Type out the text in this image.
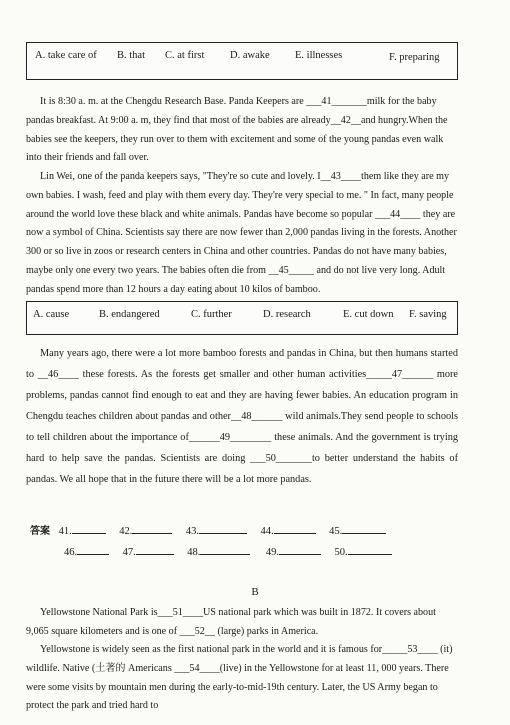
A. take care of B. that C. at first D. awake E. illnesses	F. preparing

It is 8:30 a. m. at the Chengdu Research Base. Panda Keepers are ___41_______milk for the baby pandas breakfast. At 9:00 a. m, they find that most of the babies are already__42__and hungry.When the babies see the keepers, they run over to them with excitement and some of the young pandas even walk into their friends and fall over.

Lin Wei, one of the panda keepers says, "They're so cute and lovely. I__43____them like they are my own babies. I wash, feed and play with them every day. They're very special to me. " In fact, many people around the world love these black and white animals. Pandas have become so popular ___44____ they are now a symbol of China. Scientists say there are now fewer than 2,000 pandas living in the forests. Another 300 or so live in zoos or research centers in China and other countries. Pandas do not have many babies, maybe only one every two years. The babies often die from __45_____ and do not live very long. Adult pandas spend more than 12 hours a day eating about 10 kilos of bamboo.

A. cause	B. endangered	C. further	D. research	E. cut down F. saving

Many years ago, there were a lot more bamboo forests and pandas in China, but then humans started to __46____ these forests. As the forests get smaller and other human activities_____47______ more problems, pandas cannot find enough to eat and they are having fewer babies. An education program in Chengdu teaches children about pandas and other__48______ wild animals.They send people to schools to tell children about the importance of______49________ these animals. And the government is trying hard to help save the pandas. Scientists are doing ___50_______to better understand the habits of pandas. We all hope that in the future there will be a lot more pandas.

答案 41.	42.	43.	44.	45.
46.	47.	48.	49.	50.
B

Yellowstone National Park is___51____US national park which was built in 1872. It covers about 9,065 square kilometers and is one of ___52__ (large) parks in America.

Yellowstone is widely seen as the first national park in the world and it is famous for_____53____ (it) wildlife. Native (土著的 Americans ___54____(live) in the Yellowstone for at least 11, 000 years. There were some visits by mountain men during the early-to-mid-19th century. Later, the US Army began to protect the park and tried hard to
